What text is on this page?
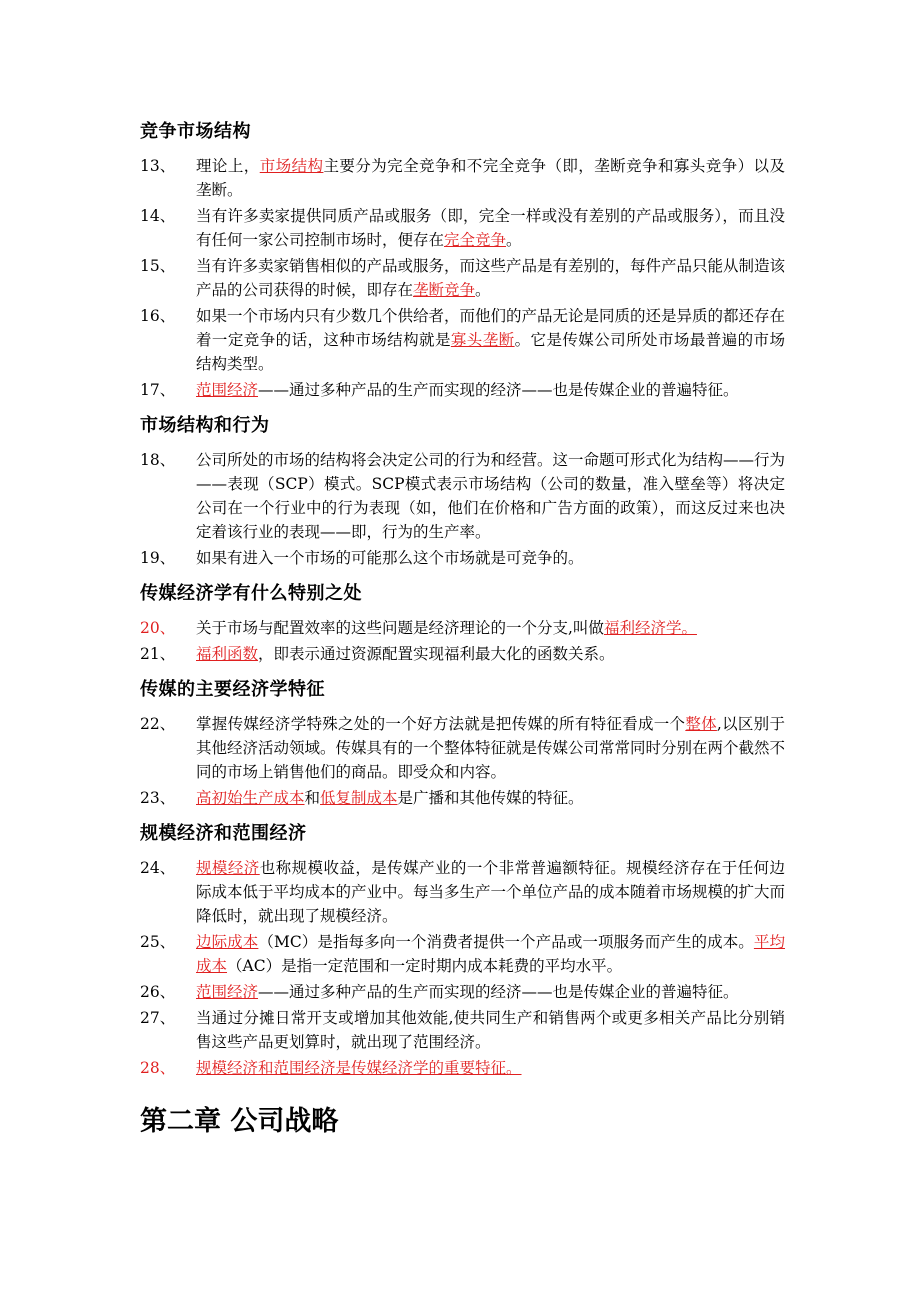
竞争市场结构
13、	理论上，市场结构主要分为完全竞争和不完全竞争（即，垄断竞争和寡头竞争）以及垄断。
14、	当有许多卖家提供同质产品或服务（即，完全一样或没有差别的产品或服务），而且没有任何一家公司控制市场时，便存在完全竞争。
15、	当有许多卖家销售相似的产品或服务，而这些产品是有差别的，每件产品只能从制造该产品的公司获得的时候，即存在垄断竞争。
16、	如果一个市场内只有少数几个供给者，而他们的产品无论是同质的还是异质的都还存在着一定竞争的话，这种市场结构就是寡头垄断。它是传媒公司所处市场最普遍的市场结构类型。
17、	范围经济——通过多种产品的生产而实现的经济——也是传媒企业的普遍特征。
市场结构和行为
18、	公司所处的市场的结构将会决定公司的行为和经营。这一命题可形式化为结构——行为——表现（SCP）模式。SCP模式表示市场结构（公司的数量，准入壁垒等）将决定公司在一个行业中的行为表现（如，他们在价格和广告方面的政策），而这反过来也决定着该行业的表现——即，行为的生产率。
19、	如果有进入一个市场的可能那么这个市场就是可竞争的。
传媒经济学有什么特别之处
20、	关于市场与配置效率的这些问题是经济理论的一个分支,叫做福利经济学。
21、	福利函数，即表示通过资源配置实现福利最大化的函数关系。
传媒的主要经济学特征
22、	掌握传媒经济学特殊之处的一个好方法就是把传媒的所有特征看成一个整体,以区别于其他经济活动领域。传媒具有的一个整体特征就是传媒公司常常同时分别在两个截然不同的市场上销售他们的商品。即受众和内容。
23、	高初始生产成本和低复制成本是广播和其他传媒的特征。
规模经济和范围经济
24、	规模经济也称规模收益，是传媒产业的一个非常普遍额特征。规模经济存在于任何边际成本低于平均成本的产业中。每当多生产一个单位产品的成本随着市场规模的扩大而降低时，就出现了规模经济。
25、	边际成本（MC）是指每多向一个消费者提供一个产品或一项服务而产生的成本。平均成本（AC）是指一定范围和一定时期内成本耗费的平均水平。
26、	范围经济——通过多种产品的生产而实现的经济——也是传媒企业的普遍特征。
27、	当通过分摊日常开支或增加其他效能,使共同生产和销售两个或更多相关产品比分别销售这些产品更划算时，就出现了范围经济。
28、	规模经济和范围经济是传媒经济学的重要特征。
第二章 公司战略
